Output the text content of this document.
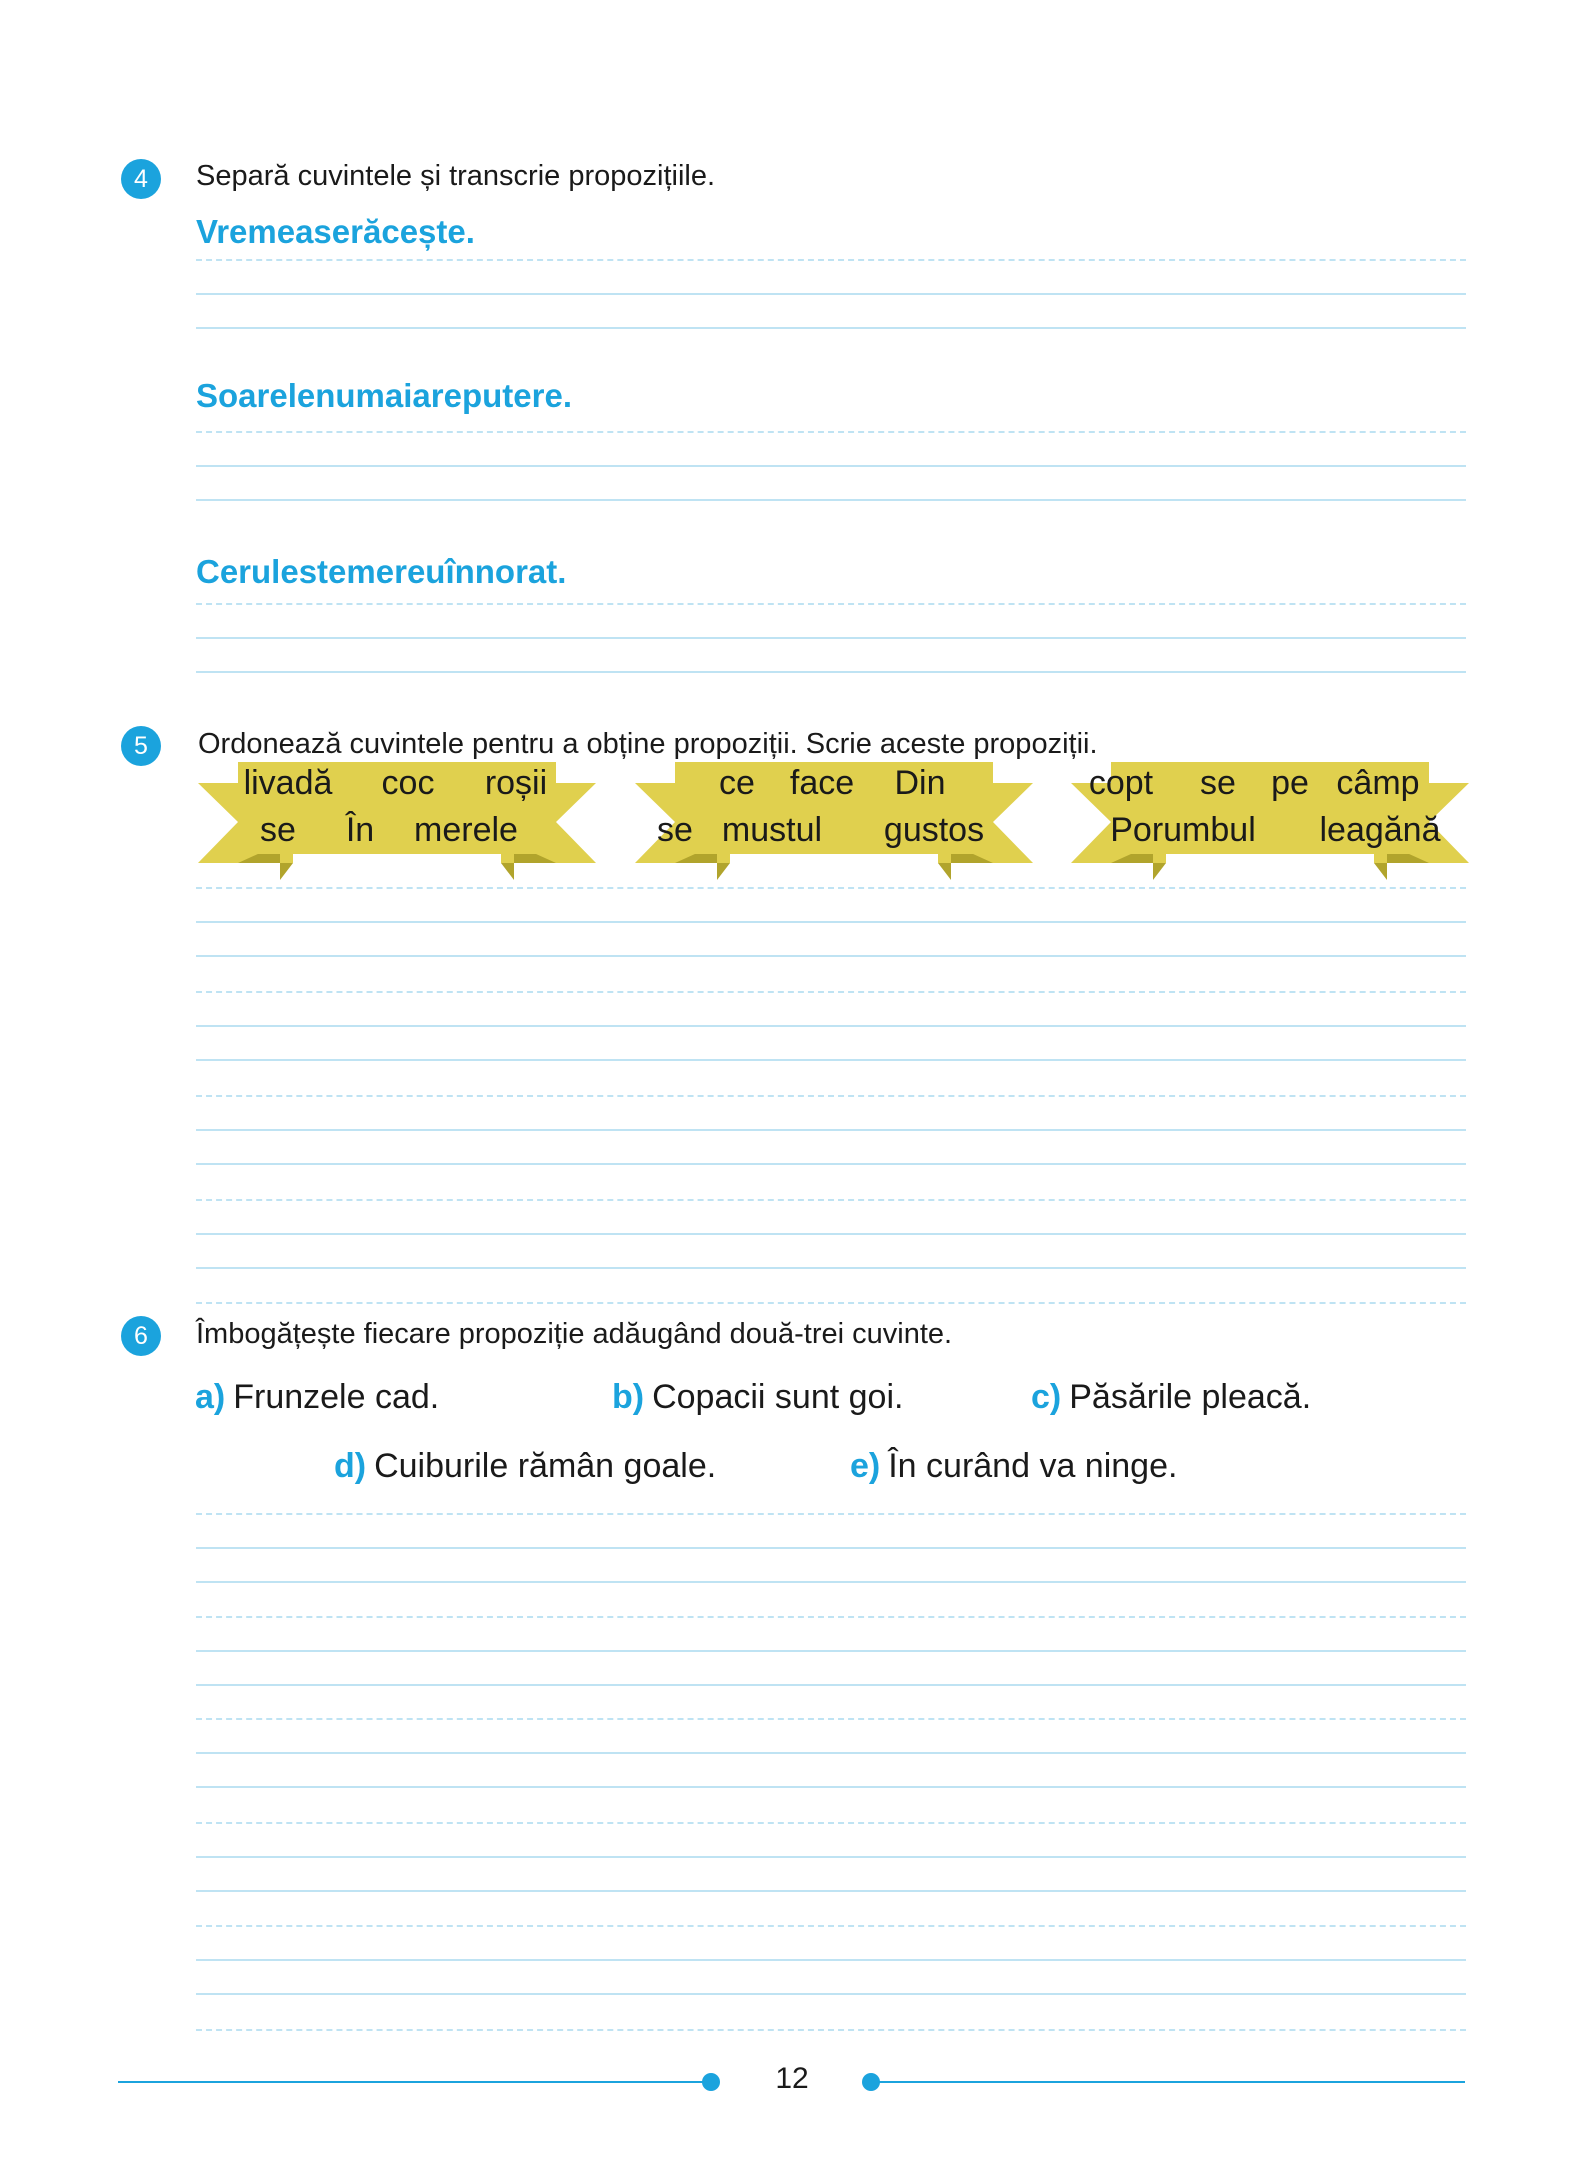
4	Separă cuvintele și transcrie propozițiile.
Vremeaserăcește.
Soarelenumaiareputere.
Cerulestemereuînnorat.
5	Ordonează cuvintele pentru a obține propoziții. Scrie aceste propoziții.
livadă coc roșii
se În merele
ce face Din
se mustul gustos
copt se pe câmp
Porumbul leagănă
6	Îmbogățește fiecare propoziție adăugând două-trei cuvinte.
a) Frunzele cad.	b) Copacii sunt goi.	c) Păsările pleacă.
d) Cuiburile rămân goale.	e) În curând va ninge.
12
